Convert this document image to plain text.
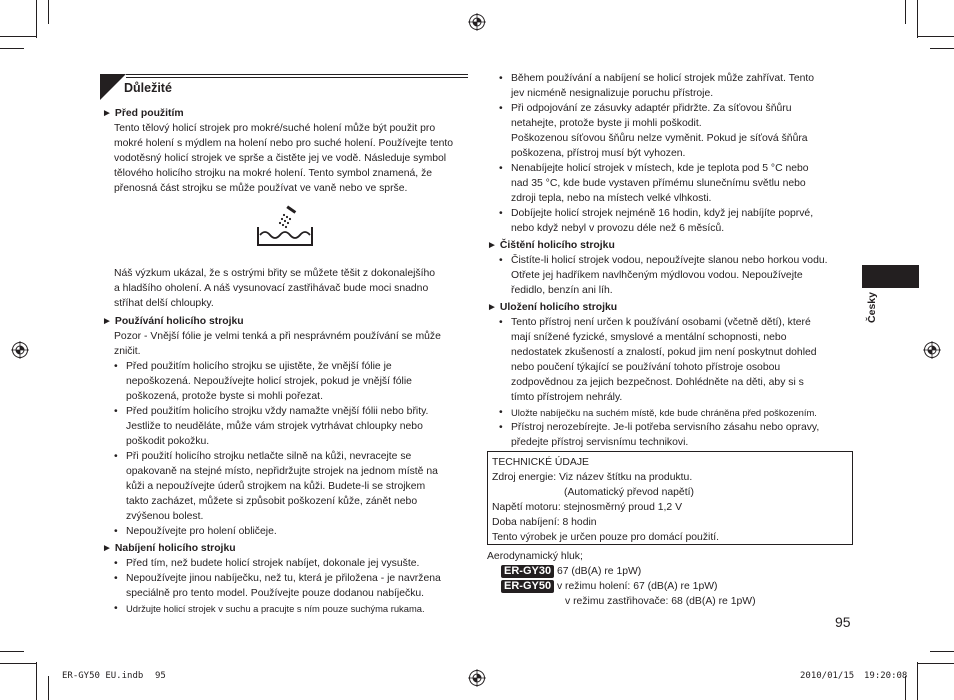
Důležité
► Před použitím
Tento tělový holicí strojek pro mokré/suché holení může být použit pro
mokré holení s mýdlem na holení nebo pro suché holení. Používejte tento
vodotěsný holicí strojek ve sprše a čistěte jej ve vodě. Následuje symbol
tělového holicího strojku na mokré holení. Tento symbol znamená, že
přenosná část strojku se může používat ve vaně nebo ve sprše.
Náš výzkum ukázal, že s ostrými břity se můžete těšit z dokonalejšího
a hladšího oholení. A náš vysunovací zastřihávač bude moci snadno
stříhat delší chloupky.
► Používání holicího strojku
Pozor - Vnější fólie je velmi tenká a při nesprávném používání se může
zničit.
• Před použitím holicího strojku se ujistěte, že vnější fólie je
nepoškozená. Nepoužívejte holicí strojek, pokud je vnější fólie
poškozená, protože byste si mohli pořezat.
• Před použitím holicího strojku vždy namažte vnější fólii nebo břity.
Jestliže to neuděláte, může vám strojek vytrhávat chloupky nebo
poškodit pokožku.
• Při použití holicího strojku netlačte silně na kůži, nevracejte se
opakovaně na stejné místo, nepřidržujte strojek na jednom místě na
kůži a nepoužívejte úderů strojkem na kůži. Budete-li se strojkem
takto zacházet, můžete si způsobit poškození kůže, zánět nebo
zvýšenou bolest.
• Nepoužívejte pro holení obličeje.
► Nabíjení holicího strojku
• Před tím, než budete holicí strojek nabíjet, dokonale jej vysušte.
• Nepoužívejte jinou nabíječku, než tu, která je přiložena - je navržena
speciálně pro tento model. Používejte pouze dodanou nabíječku.
• Udržujte holicí strojek v suchu a pracujte s ním pouze suchýma rukama.
• Během používání a nabíjení se holicí strojek může zahřívat. Tento
jev nicméně nesignalizuje poruchu přístroje.
• Při odpojování ze zásuvky adaptér přidržte. Za síťovou šňůru
netahejte, protože byste ji mohli poškodit.
Poškozenou síťovou šňůru nelze vyměnit. Pokud je síťová šňůra
poškozena, přístroj musí být vyhozen.
• Nenabíjejte holicí strojek v místech, kde je teplota pod 5 °C nebo
nad 35 °C, kde bude vystaven přímému slunečnímu světlu nebo
zdroji tepla, nebo na místech velké vlhkosti.
• Dobíjejte holicí strojek nejméně 16 hodin, když jej nabíjíte poprvé,
nebo když nebyl v provozu déle než 6 měsíců.
► Čištění holicího strojku
• Čistíte-li holicí strojek vodou, nepoužívejte slanou nebo horkou vodu.
Otřete jej hadříkem navlhčeným mýdlovou vodou. Nepoužívejte
ředidlo, benzín ani líh.
► Uložení holicího strojku
• Tento přístroj není určen k používání osobami (včetně dětí), které
mají snížené fyzické, smyslové a mentální schopnosti, nebo
nedostatek zkušeností a znalostí, pokud jim není poskytnut dohled
nebo poučení týkající se používání tohoto přístroje osobou
zodpovědnou za jejich bezpečnost. Dohlédněte na děti, aby si s
tímto přístrojem nehrály.
• Uložte nabíječku na suchém místě, kde bude chráněna před poškozením.
• Přístroj nerozebírejte. Je-li potřeba servisního zásahu nebo opravy,
předejte přístroj servisnímu technikovi.
TECHNICKÉ ÚDAJE
Zdroj energie: Viz název štítku na produktu.
(Automatický převod napětí)
Napětí motoru: stejnosměrný proud 1,2 V
Doba nabíjení: 8 hodin
Tento výrobek je určen pouze pro domácí použití.
Aerodynamický hluk;
ER-GY30 67 (dB(A) re 1pW)
ER-GY50 v režimu holení: 67 (dB(A) re 1pW)
v režimu zastřihovače: 68 (dB(A) re 1pW)
Česky
95
ER-GY50 EU.indb 95	2010/01/15 19:20:08
